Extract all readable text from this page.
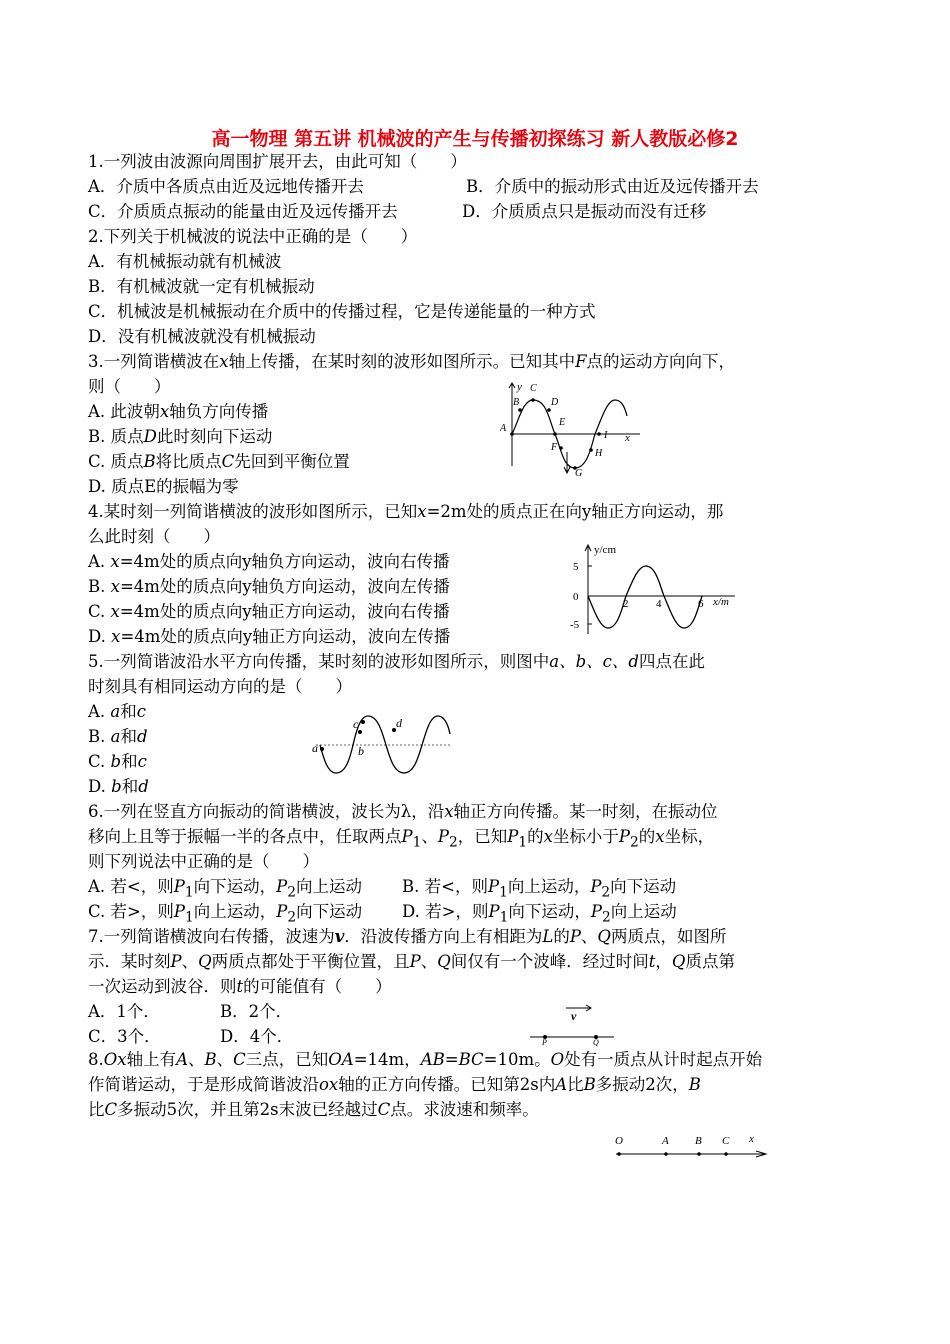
高一物理 第五讲 机械波的产生与传播初探练习 新人教版必修2
1.一列波由波源向周围扩展开去，由此可知（　　）
A．介质中各质点由近及远地传播开去	B．介质中的振动形式由近及远传播开去
C．介质质点振动的能量由近及远传播开去	D．介质质点只是振动而没有迁移
2.下列关于机械波的说法中正确的是（　　）
A．有机械振动就有机械波
B．有机械波就一定有机械振动
C．机械波是机械振动在介质中的传播过程，它是传递能量的一种方式
D．没有机械波就没有机械振动
3.一列简谐横波在x轴上传播，在某时刻的波形如图所示。已知其中F点的运动方向向下，
则（　　）
A. 此波朝x轴负方向传播
B. 质点D此时刻向下运动
C. 质点B将比质点C先回到平衡位置
D. 质点E的振幅为零
y
x
A
B
C
D
E
F
G
H
I
4.某时刻一列简谐横波的波形如图所示，已知x=2m处的质点正在向y轴正方向运动，那
么此时刻（　　）
A. x=4m处的质点向y轴负方向运动，波向右传播
B. x=4m处的质点向y轴负方向运动，波向左传播
C. x=4m处的质点向y轴正方向运动，波向右传播
D. x=4m处的质点向y轴正方向运动，波向左传播
y/cm
x/m
5
0
-5
2	4	6
5.一列简谐波沿水平方向传播，某时刻的波形如图所示，则图中a、b、c、d四点在此
时刻具有相同运动方向的是（　　）
A. a和c
B. a和d
C. b和c
D. b和d
a	b
c	d
6.一列在竖直方向振动的简谐横波，波长为λ，沿x轴正方向传播。某一时刻，在振动位
移向上且等于振幅一半的各点中，任取两点$P_1$、$P_2$，已知$P_1$的x坐标小于$P_2$的x坐标，
则下列说法中正确的是（　　）
A. 若<，则$P_1$向下运动，$P_2$向上运动 B. 若<，则$P_1$向上运动，$P_2$向下运动
C. 若>，则$P_1$向上运动，$P_2$向下运动 D. 若>，则$P_1$向下运动，$P_2$向上运动
7.一列简谐横波向右传播，波速为v．沿波传播方向上有相距为L的P、Q两质点，如图所
示．某时刻P、Q两质点都处于平衡位置，且P、Q间仅有一个波峰．经过时间t，Q质点第
一次运动到波谷．则t的可能值有（　　）
A．1个．	B．2个．
C．3个．	D．4个．
v
P	Q
8.Ox轴上有A、B、C三点，已知OA=14m，AB=BC=10m。O处有一质点从计时起点开始
作简谐运动，于是形成简谐波沿ox轴的正方向传播。已知第2s内A比B多振动2次，B
比C多振动5次，并且第2s末波已经越过C点。求波速和频率。
O	A B C x
